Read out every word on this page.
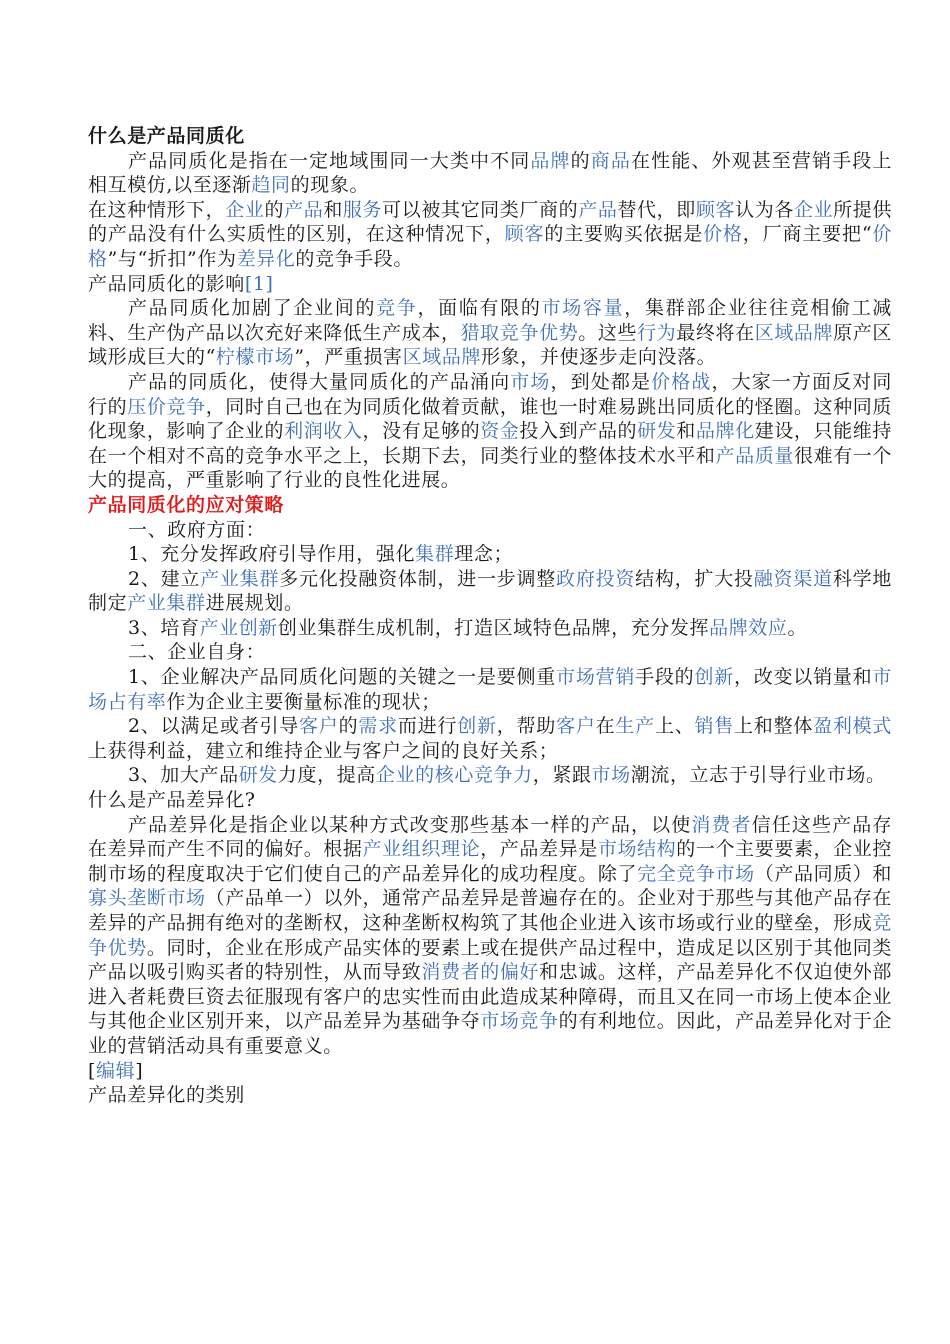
什么是产品同质化

产品同质化是指在一定地域围同一大类中不同品牌的商品在性能、外观甚至营销手段上相互模仿,以至逐渐趋同的现象。

在这种情形下，企业的产品和服务可以被其它同类厂商的产品替代，即顾客认为各企业所提供的产品没有什么实质性的区别，在这种情况下，顾客的主要购买依据是价格，厂商主要把“价格”与“折扣”作为差异化的竞争手段。

产品同质化的影响[1]

产品同质化加剧了企业间的竞争，面临有限的市场容量，集群部企业往往竞相偷工减料、生产伪产品以次充好来降低生产成本，猎取竞争优势。这些行为最终将在区域品牌原产区域形成巨大的“柠檬市场”，严重损害区域品牌形象，并使逐步走向没落。

产品的同质化，使得大量同质化的产品涌向市场，到处都是价格战，大家一方面反对同行的压价竞争，同时自己也在为同质化做着贡献，谁也一时难易跳出同质化的怪圈。这种同质化现象，影响了企业的利润收入，没有足够的资金投入到产品的研发和品牌化建设，只能维持在一个相对不高的竞争水平之上，长期下去，同类行业的整体技术水平和产品质量很难有一个大的提高，严重影响了行业的良性化进展。

产品同质化的应对策略

一、政府方面：

1、充分发挥政府引导作用，强化集群理念；

2、建立产业集群多元化投融资体制，进一步调整政府投资结构，扩大投融资渠道科学地制定产业集群进展规划。

3、培育产业创新创业集群生成机制，打造区域特色品牌，充分发挥品牌效应。

二、企业自身：

1、企业解决产品同质化问题的关键之一是要侧重市场营销手段的创新，改变以销量和市场占有率作为企业主要衡量标准的现状；

2、以满足或者引导客户的需求而进行创新，帮助客户在生产上、销售上和整体盈利模式上获得利益，建立和维持企业与客户之间的良好关系；

3、加大产品研发力度，提高企业的核心竞争力，紧跟市场潮流，立志于引导行业市场。

什么是产品差异化?

产品差异化是指企业以某种方式改变那些基本一样的产品，以使消费者信任这些产品存在差异而产生不同的偏好。根据产业组织理论，产品差异是市场结构的一个主要要素，企业控制市场的程度取决于它们使自己的产品差异化的成功程度。除了完全竞争市场（产品同质）和寡头垄断市场（产品单一）以外，通常产品差异是普遍存在的。企业对于那些与其他产品存在差异的产品拥有绝对的垄断权，这种垄断权构筑了其他企业进入该市场或行业的壁垒，形成竞争优势。同时，企业在形成产品实体的要素上或在提供产品过程中，造成足以区别于其他同类产品以吸引购买者的特别性，从而导致消费者的偏好和忠诚。这样，产品差异化不仅迫使外部进入者耗费巨资去征服现有客户的忠实性而由此造成某种障碍，而且又在同一市场上使本企业与其他企业区别开来，以产品差异为基础争夺市场竞争的有利地位。因此，产品差异化对于企业的营销活动具有重要意义。

[编辑]

产品差异化的类别
